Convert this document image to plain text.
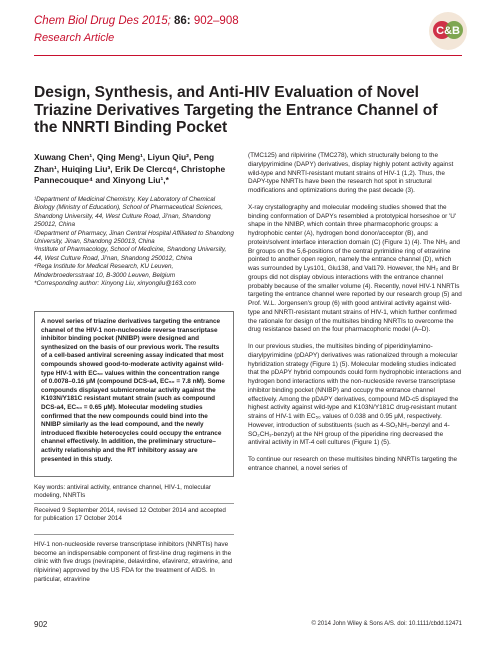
Chem Biol Drug Des 2015; 86: 902–908
Research Article
C&B
Design, Synthesis, and Anti-HIV Evaluation of Novel Triazine Derivatives Targeting the Entrance Channel of the NNRTI Binding Pocket
Xuwang Chen¹, Qing Meng¹, Liyun Qiu², Peng Zhan¹, Huiqing Liu³, Erik De Clercq⁴, Christophe Pannecouque⁴ and Xinyong Liu¹,*

¹Department of Medicinal Chemistry, Key Laboratory of Chemical Biology (Ministry of Education), School of Pharmaceutical Sciences, Shandong University, 44, West Culture Road, Ji'nan, Shandong 250012, China

²Department of Pharmacy, Jinan Central Hospital Affiliated to Shandong University, Jinan, Shandong 250013, China

³Institute of Pharmacology, School of Medicine, Shandong University, 44, West Culture Road, Ji'nan, Shandong 250012, China

⁴Rega Institute for Medical Research, KU Leuven, Minderbroedersstraat 10, B-3000 Leuven, Belgium

*Corresponding author: Xinyong Liu, xinyongliu@163.com

A novel series of triazine derivatives targeting the entrance channel of the HIV-1 non-nucleoside reverse transcriptase inhibitor binding pocket (NNIBP) were designed and synthesized on the basis of our previous work. The results of a cell-based antiviral screening assay indicated that most compounds showed good-to-moderate activity against wild-type HIV-1 with EC₅₀ values within the concentration range of 0.0078–0.16 μM (compound DCS-a4, EC₅₀ = 7.8 nM). Some compounds displayed submicromolar activity against the K103N/Y181C resistant mutant strain (such as compound DCS-a4, EC₅₀ = 0.65 μM). Molecular modeling studies confirmed that the new compounds could bind into the NNIBP similarly as the lead compound, and the newly introduced flexible heterocycles could occupy the entrance channel effectively. In addition, the preliminary structure–activity relationship and the RT inhibitory assay are presented in this study.

Key words: antiviral activity, entrance channel, HIV-1, molecular modeling, NNRTIs

Received 9 September 2014, revised 12 October 2014 and accepted for publication 17 October 2014

HIV-1 non-nucleoside reverse transcriptase inhibitors (NNRTIs) have become an indispensable component of first-line drug regimens in the clinic with five drugs (nevirapine, delavirdine, efavirenz, etravirine, and rilpivirine) approved by the US FDA for the treatment of AIDS. In particular, etravirine

(TMC125) and rilpivirine (TMC278), which structurally belong to the diarylpyrimidine (DAPY) derivatives, display highly potent activity against wild-type and NNRTI-resistant mutant strains of HIV-1 (1,2). Thus, the DAPY-type NNRTIs have been the research hot spot in structural modifications and optimizations during the past decade (3).

X-ray crystallography and molecular modeling studies showed that the binding conformation of DAPYs resembled a prototypical horseshoe or 'U' shape in the NNIBP, which contain three pharmacophoric groups: a hydrophobic center (A), hydrogen bond donor/acceptor (B), and protein/solvent interface interaction domain (C) (Figure 1) (4). The NH₂ and Br groups on the 5,6-positions of the central pyrimidine ring of etravirine pointed to another open region, namely the entrance channel (D), which was surrounded by Lys101, Glu138, and Val179. However, the NH₂ and Br groups did not display obvious interactions with the entrance channel probably because of the smaller volume (4). Recently, novel HIV-1 NNRTIs targeting the entrance channel were reported by our research group (5) and Prof. W.L. Jorgensen's group (6) with good antiviral activity against wild-type and NNRTI-resistant mutant strains of HIV-1, which further confirmed the rationale for design of the multisites binding NNRTIs to overcome the drug resistance based on the four pharmacophoric model (A–D).

In our previous studies, the multisites binding of piperidinylamino-diarylpyrimidine (pDAPY) derivatives was rationalized through a molecular hybridization strategy (Figure 1) (5). Molecular modeling studies indicated that the pDAPY hybrid compounds could form hydrophobic interactions and hydrogen bond interactions with the non-nucleoside reverse transcriptase inhibitor binding pocket (NNIBP) and occupy the entrance channel effectively. Among the pDAPY derivatives, compound MD-c5 displayed the highest activity against wild-type and K103N/Y181C drug-resistant mutant strains of HIV-1 with EC₅₀ values of 0.038 and 0.95 μM, respectively. However, introduction of substituents (such as 4-SO₂NH₂-benzyl and 4-SO₂CH₃-benzyl) at the NH group of the piperidine ring decreased the antiviral activity in MT-4 cell cultures (Figure 1) (5).

To continue our research on these multisites binding NNRTIs targeting the entrance channel, a novel series of

902	© 2014 John Wiley & Sons A/S. doi: 10.1111/cbdd.12471
